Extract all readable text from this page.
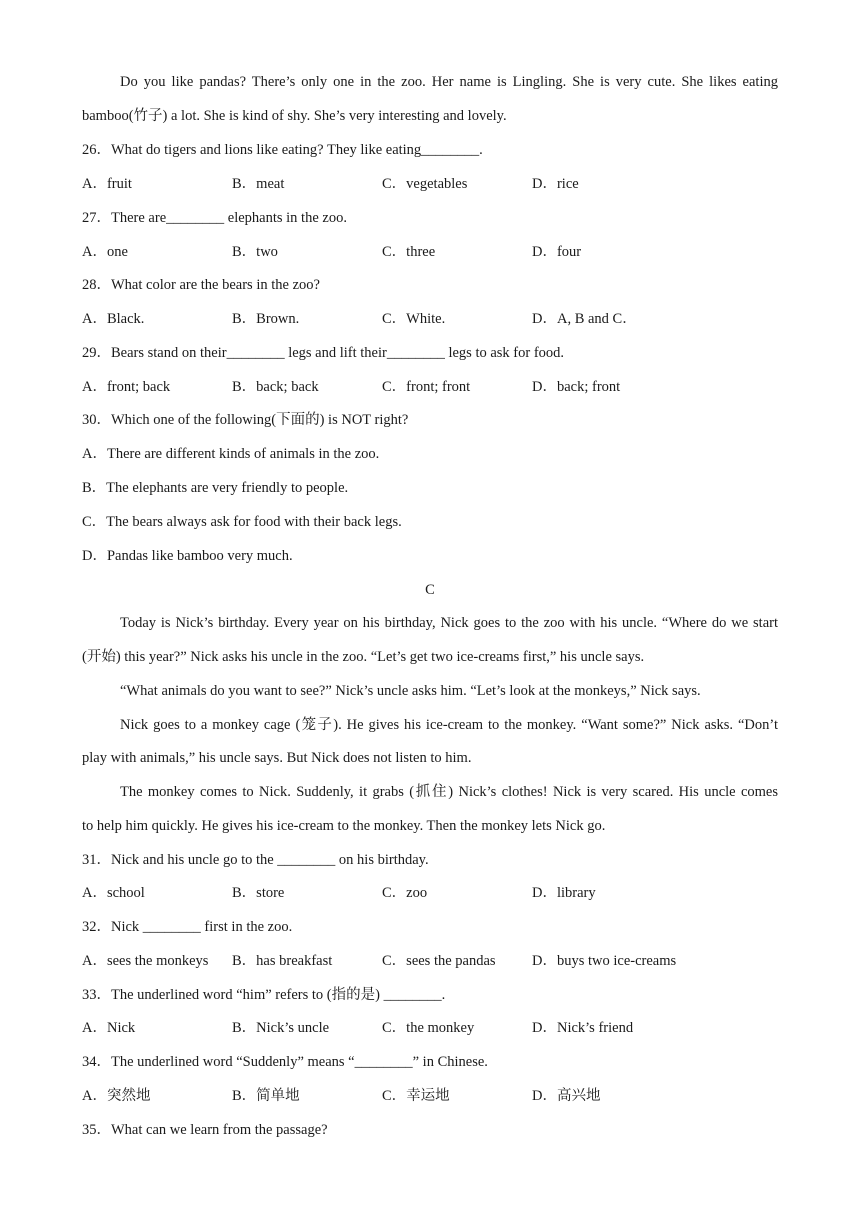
Do you like pandas? There’s only one in the zoo. Her name is Lingling. She is very cute. She likes eating
bamboo(竹子) a lot. She is kind of shy. She’s very interesting and lovely.
26．What do tigers and lions like eating? They like eating________.
A．fruit	B．meat	C．vegetables	D．rice
27．There are________ elephants in the zoo.
A．one	B．two	C．three	D．four
28．What color are the bears in the zoo?
A．Black.	B．Brown.	C．White.	D．A, B and C．
29．Bears stand on their________ legs and lift their________ legs to ask for food.
A．front; back	B．back; back	C．front; front	D．back; front
30．Which one of the following(下面的) is NOT right?
A．There are different kinds of animals in the zoo.
B．The elephants are very friendly to people.
C．The bears always ask for food with their back legs.
D．Pandas like bamboo very much.
C
Today is Nick’s birthday. Every year on his birthday, Nick goes to the zoo with his uncle. “Where do we start
(开始) this year?” Nick asks his uncle in the zoo. “Let’s get two ice-creams first,” his uncle says.
“What animals do you want to see?” Nick’s uncle asks him. “Let’s look at the monkeys,” Nick says.
Nick goes to a monkey cage (笼子). He gives his ice-cream to the monkey. “Want some?” Nick asks. “Don’t
play with animals,” his uncle says. But Nick does not listen to him.
The monkey comes to Nick. Suddenly, it grabs (抓住) Nick’s clothes! Nick is very scared. His uncle comes
to help him quickly. He gives his ice-cream to the monkey. Then the monkey lets Nick go.
31．Nick and his uncle go to the ________ on his birthday.
A．school	B．store	C．zoo	D．library
32．Nick ________ first in the zoo.
A．sees the monkeys B．has breakfast	C．sees the pandas	D．buys two ice-creams
33．The underlined word “him” refers to (指的是) ________.
A．Nick	B．Nick’s uncle	C．the monkey	D．Nick’s friend
34．The underlined word “Suddenly” means “________” in Chinese.
A．突然地	B．简单地	C．幸运地	D．高兴地
35．What can we learn from the passage?
